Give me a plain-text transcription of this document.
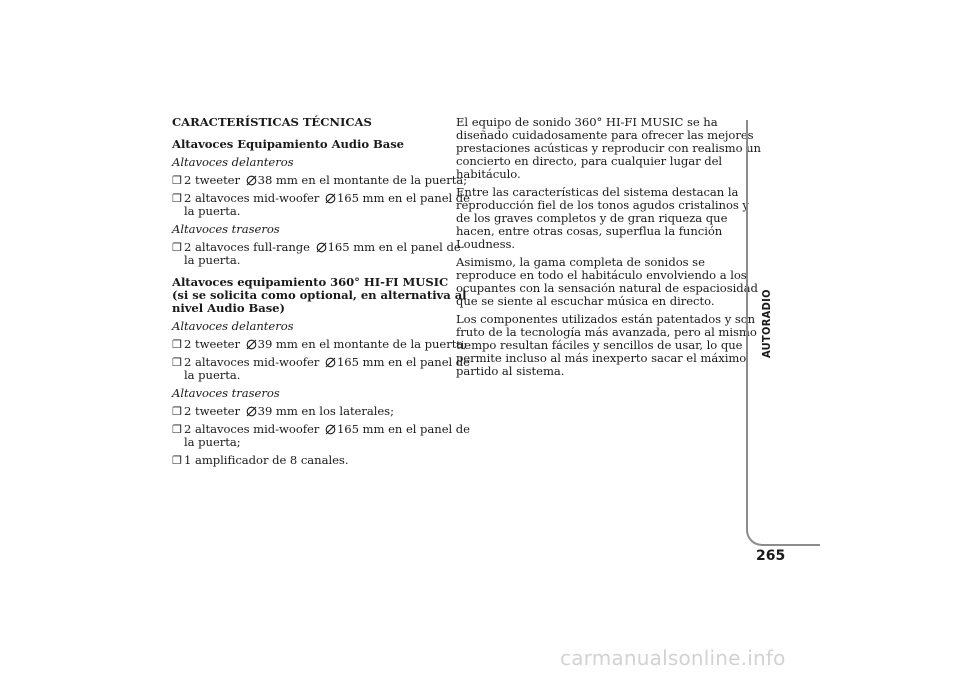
CARACTERÍSTICAS TÉCNICAS
Altavoces Equipamiento Audio Base
Altavoces delanteros
❐ 2 tweeter 38 mm en el montante de la puerta;
❐ 2 altavoces mid-woofer 165 mm en el panel de
la puerta.
Altavoces traseros
❐ 2 altavoces full-range 165 mm en el panel de
la puerta.
Altavoces equipamiento 360° HI-FI MUSIC
(si se solicita como optional, en alternativa al
nivel Audio Base)
Altavoces delanteros
❐ 2 tweeter 39 mm en el montante de la puerta;
❐ 2 altavoces mid-woofer 165 mm en el panel de
la puerta.
Altavoces traseros
❐ 2 tweeter 39 mm en los laterales;
❐ 2 altavoces mid-woofer 165 mm en el panel de
la puerta;
❐ 1 amplificador de 8 canales.
El equipo de sonido 360° HI-FI MUSIC se ha
diseñado cuidadosamente para ofrecer las mejores
prestaciones acústicas y reproducir con realismo un
concierto en directo, para cualquier lugar del
habitáculo.
Entre las características del sistema destacan la
reproducción fiel de los tonos agudos cristalinos y
de los graves completos y de gran riqueza que
hacen, entre otras cosas, superflua la función
Loudness.
Asimismo, la gama completa de sonidos se
reproduce en todo el habitáculo envolviendo a los
ocupantes con la sensación natural de espaciosidad
que se siente al escuchar música en directo.
Los componentes utilizados están patentados y son
fruto de la tecnología más avanzada, pero al mismo
tiempo resultan fáciles y sencillos de usar, lo que
permite incluso al más inexperto sacar el máximo
partido al sistema.
AUTORADIO
265
carmanualsonline.info
